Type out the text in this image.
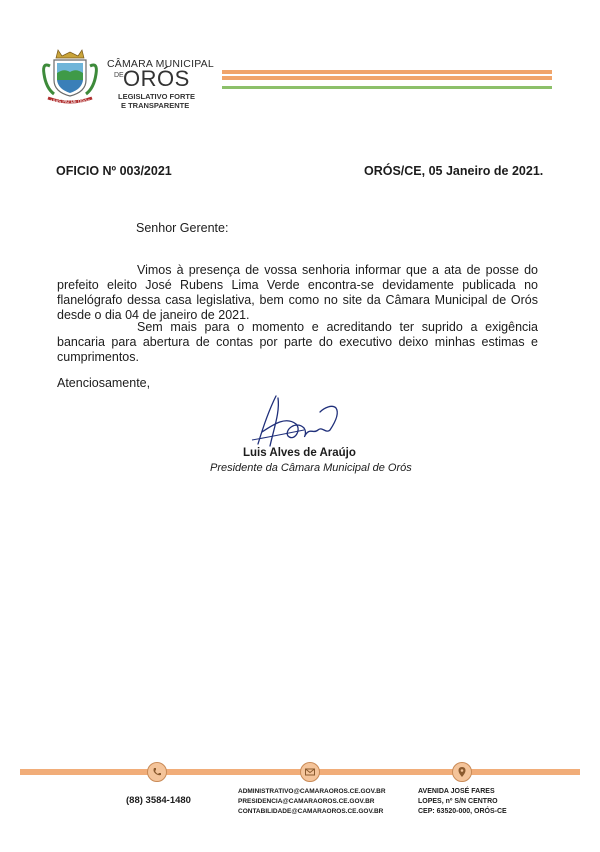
ARAS PIO DE ORÓS
CÂMARA MUNICIPAL
DE ORÓS
LEGISLATIVO FORTE
E TRANSPARENTE
OFICIO Nº 003/2021	ORÓS/CE, 05 Janeiro de 2021.
Senhor Gerente:

Vimos à presença de vossa senhoria informar que a ata de posse do prefeito eleito José Rubens Lima Verde encontra-se devidamente publicada no flanelógrafo dessa casa legislativa, bem como no site da Câmara Municipal de Orós desde o dia 04 de janeiro de 2021.

Sem mais para o momento e acreditando ter suprido a exigência bancaria para abertura de contas por parte do executivo deixo minhas estimas e cumprimentos.

Atenciosamente,
Luis Alves de Araújo
Presidente da Câmara Municipal de Orós
(88) 3584-1480
ADMINISTRATIVO@CAMARAOROS.CE.GOV.BR
PRESIDENCIA@CAMARAOROS.CE.GOV.BR
CONTABILIDADE@CAMARAOROS.CE.GOV.BR
AVENIDA JOSÉ FARES
LOPES, nº S/N CENTRO
CEP: 63520-000, ORÓS-CE
